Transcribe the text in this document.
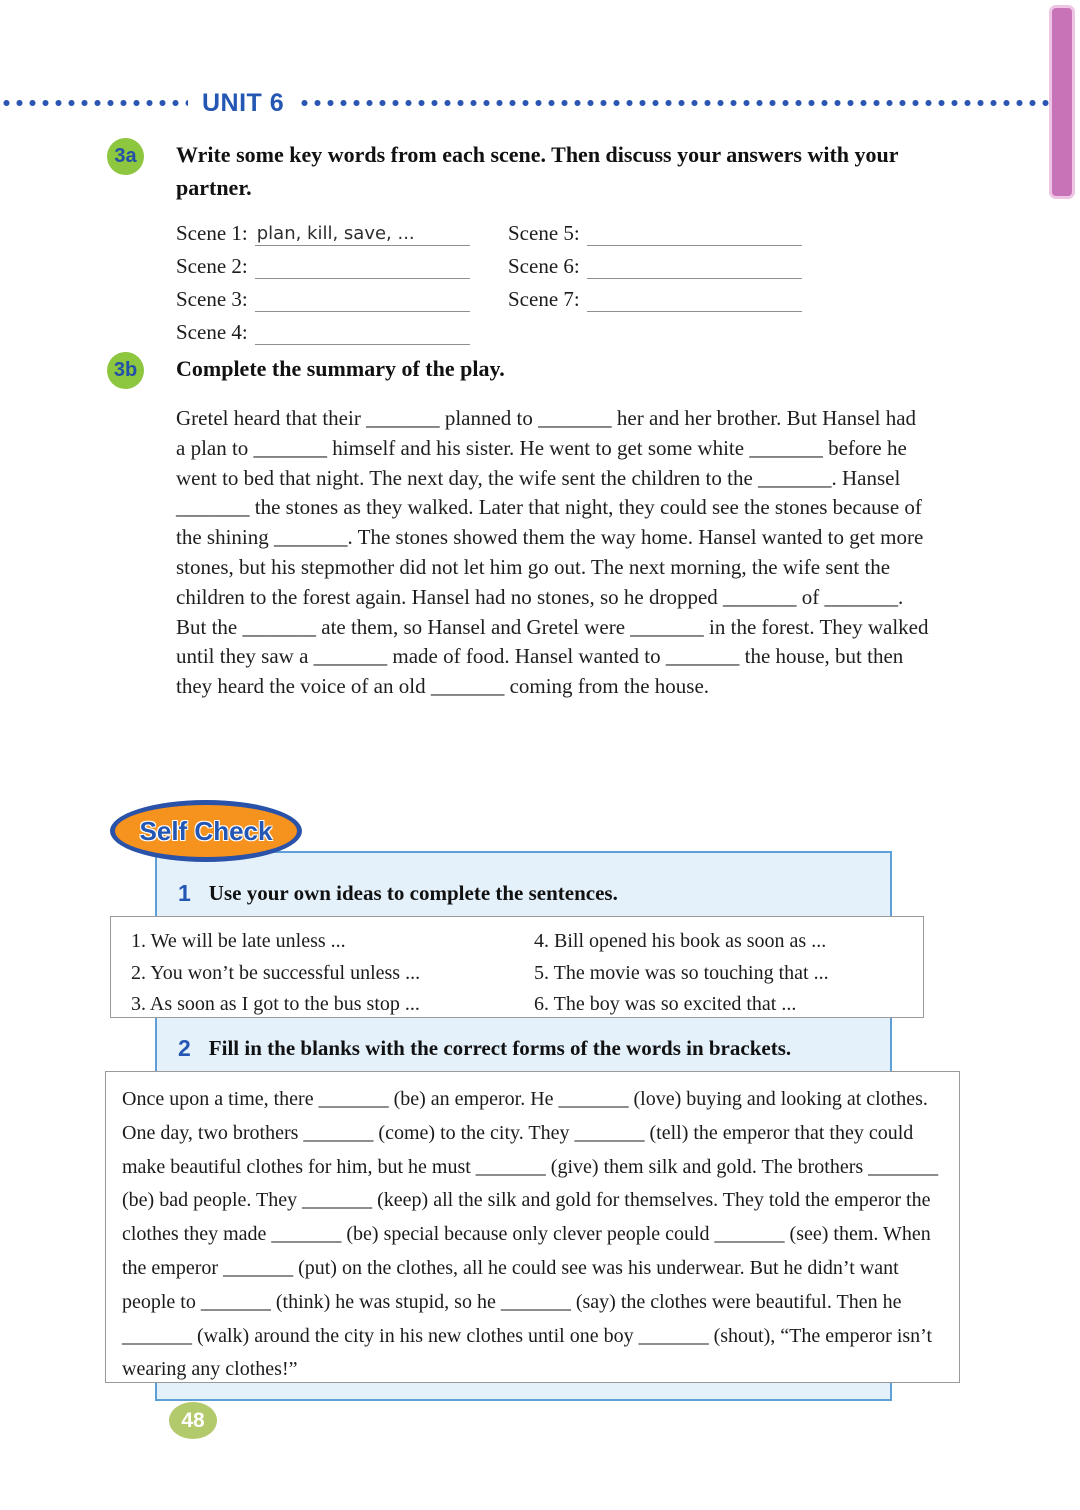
UNIT 6
3a	Write some key words from each scene. Then discuss your answers with your partner.
Scene 1: plan, kill, save, ...
Scene 2:
Scene 3:
Scene 4:
Scene 5:
Scene 6:
Scene 7:
3b	Complete the summary of the play.
Gretel heard that their _______ planned to _______ her and her brother. But Hansel had a plan to _______ himself and his sister. He went to get some white _______ before he went to bed that night. The next day, the wife sent the children to the _______. Hansel _______ the stones as they walked. Later that night, they could see the stones because of the shining _______. The stones showed them the way home. Hansel wanted to get more stones, but his stepmother did not let him go out. The next morning, the wife sent the children to the forest again. Hansel had no stones, so he dropped _______ of _______. But the _______ ate them, so Hansel and Gretel were _______ in the forest. They walked until they saw a _______ made of food. Hansel wanted to _______ the house, but then they heard the voice of an old _______ coming from the house.
Self Check
1 Use your own ideas to complete the sentences.
1. We will be late unless ...
2. You won’t be successful unless ...
3. As soon as I got to the bus stop ...
4. Bill opened his book as soon as ...
5. The movie was so touching that ...
6. The boy was so excited that ...
2 Fill in the blanks with the correct forms of the words in brackets.
Once upon a time, there _______ (be) an emperor. He _______ (love) buying and looking at clothes. One day, two brothers _______ (come) to the city. They _______ (tell) the emperor that they could make beautiful clothes for him, but he must _______ (give) them silk and gold. The brothers _______ (be) bad people. They _______ (keep) all the silk and gold for themselves. They told the emperor the clothes they made _______ (be) special because only clever people could _______ (see) them. When the emperor _______ (put) on the clothes, all he could see was his underwear. But he didn’t want people to _______ (think) he was stupid, so he _______ (say) the clothes were beautiful. Then he _______ (walk) around the city in his new clothes until one boy _______ (shout), “The emperor isn’t wearing any clothes!”
48
